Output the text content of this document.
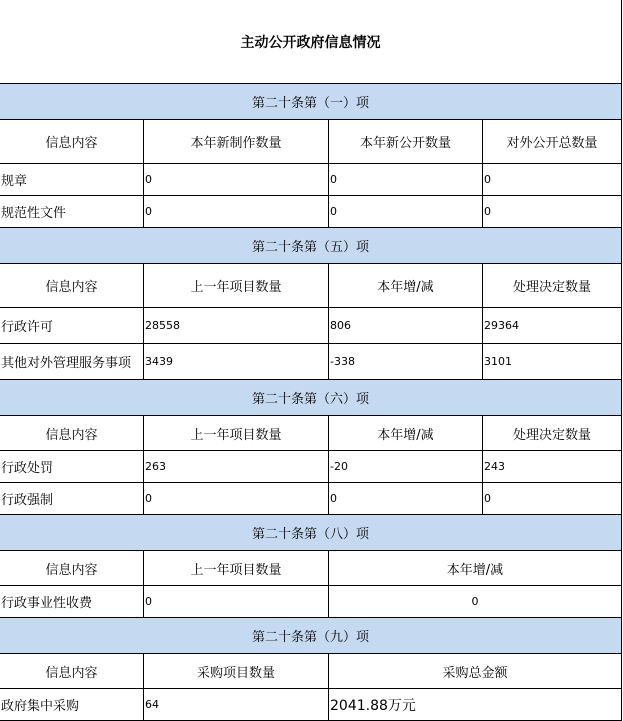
主动公开政府信息情况			
第二十条第（一）项			
信息内容	本年新制作数量	本年新公开数量	对外公开总数量
规章	0	0	0
规范性文件	0	0	0
第二十条第（五）项			
信息内容	上一年项目数量	本年增/减	处理决定数量
行政许可	28558	806	29364
其他对外管理服务事项	3439	-338	3101
第二十条第（六）项			
信息内容	上一年项目数量	本年增/减	处理决定数量
行政处罚	263	-20	243
行政强制	0	0	0
第二十条第（八）项			
信息内容	上一年项目数量	本年增/减	
行政事业性收费	0	0	
第二十条第（九）项			
信息内容	采购项目数量	采购总金额	
政府集中采购	64	2041.88万元	
